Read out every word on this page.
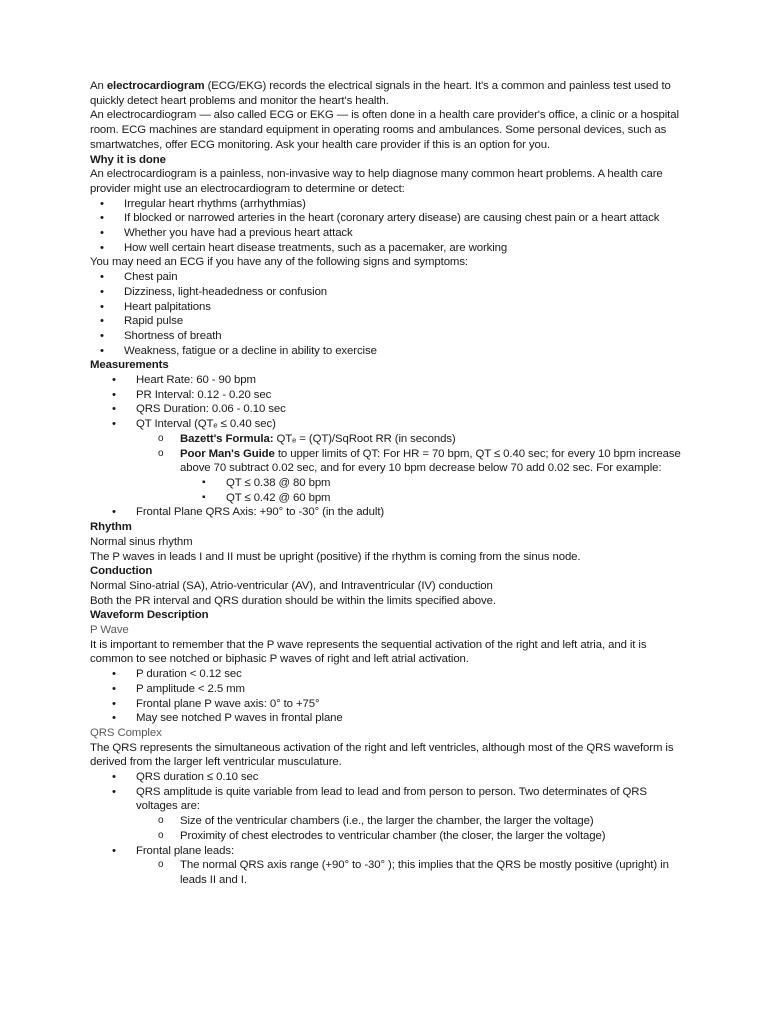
An electrocardiogram (ECG/EKG) records the electrical signals in the heart. It's a common and painless test used to quickly detect heart problems and monitor the heart's health.

An electrocardiogram — also called ECG or EKG — is often done in a health care provider's office, a clinic or a hospital room. ECG machines are standard equipment in operating rooms and ambulances. Some personal devices, such as smartwatches, offer ECG monitoring. Ask your health care provider if this is an option for you.

Why it is done

An electrocardiogram is a painless, non-invasive way to help diagnose many common heart problems. A health care provider might use an electrocardiogram to determine or detect:

• Irregular heart rhythms (arrhythmias)
• If blocked or narrowed arteries in the heart (coronary artery disease) are causing chest pain or a heart attack
• Whether you have had a previous heart attack
• How well certain heart disease treatments, such as a pacemaker, are working

You may need an ECG if you have any of the following signs and symptoms:

• Chest pain
• Dizziness, light-headedness or confusion
• Heart palpitations
• Rapid pulse
• Shortness of breath
• Weakness, fatigue or a decline in ability to exercise

Measurements

• Heart Rate: 60 - 90 bpm
• PR Interval: 0.12 - 0.20 sec
• QRS Duration: 0.06 - 0.10 sec
• QT Interval (QTₑ ≤ 0.40 sec)
o Bazett's Formula: QTₑ = (QT)/SqRoot RR (in seconds)
o Poor Man's Guide to upper limits of QT: For HR = 70 bpm, QT ≤ 0.40 sec; for every 10 bpm increase above 70 subtract 0.02 sec, and for every 10 bpm decrease below 70 add 0.02 sec. For example:
▪ QT ≤ 0.38 @ 80 bpm
▪ QT ≤ 0.42 @ 60 bpm
• Frontal Plane QRS Axis: +90° to -30° (in the adult)

Rhythm

Normal sinus rhythm

The P waves in leads I and II must be upright (positive) if the rhythm is coming from the sinus node.

Conduction

Normal Sino-atrial (SA), Atrio-ventricular (AV), and Intraventricular (IV) conduction

Both the PR interval and QRS duration should be within the limits specified above.

Waveform Description

P Wave

It is important to remember that the P wave represents the sequential activation of the right and left atria, and it is common to see notched or biphasic P waves of right and left atrial activation.

• P duration < 0.12 sec
• P amplitude < 2.5 mm
• Frontal plane P wave axis: 0° to +75°
• May see notched P waves in frontal plane

QRS Complex

The QRS represents the simultaneous activation of the right and left ventricles, although most of the QRS waveform is derived from the larger left ventricular musculature.

• QRS duration ≤ 0.10 sec
• QRS amplitude is quite variable from lead to lead and from person to person. Two determinates of QRS voltages are:
o Size of the ventricular chambers (i.e., the larger the chamber, the larger the voltage)
o Proximity of chest electrodes to ventricular chamber (the closer, the larger the voltage)
• Frontal plane leads:
o The normal QRS axis range (+90° to -30° ); this implies that the QRS be mostly positive (upright) in leads II and I.
